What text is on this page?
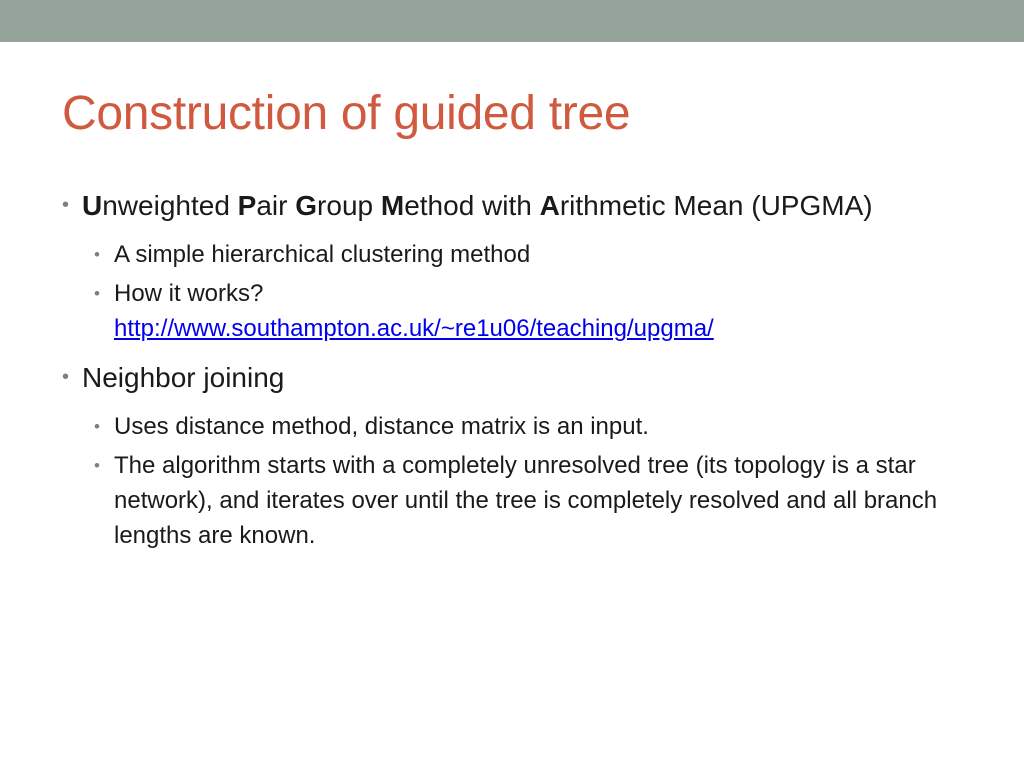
Construction of guided tree
• Unweighted Pair Group Method with Arithmetic Mean (UPGMA)
• A simple hierarchical clustering method
• How it works?
http://www.southampton.ac.uk/~re1u06/teaching/upgma/
• Neighbor joining
• Uses distance method, distance matrix is an input.
• The algorithm starts with a completely unresolved tree (its topology is a star network), and iterates over until the tree is completely resolved and all branch lengths are known.
